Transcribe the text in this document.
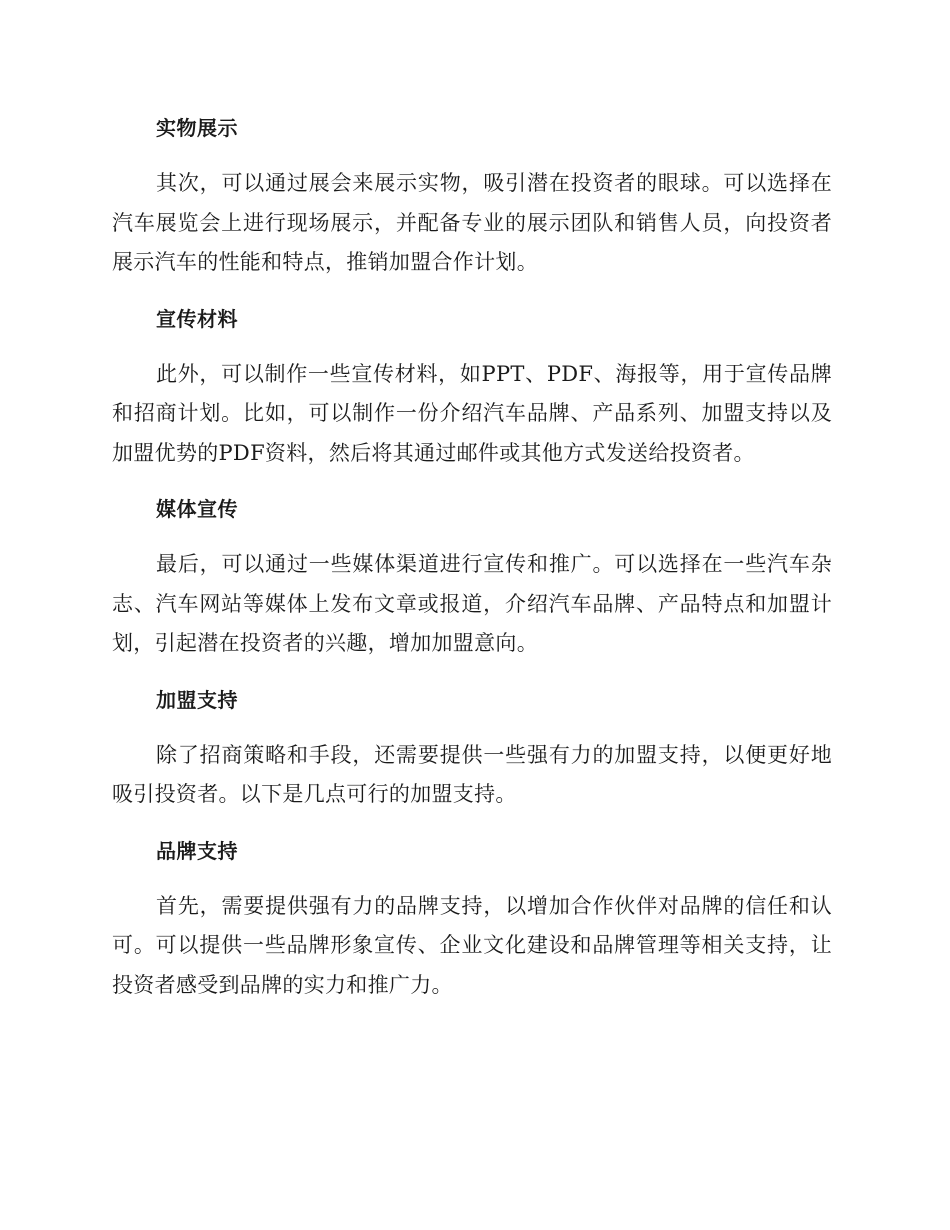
实物展示

其次，可以通过展会来展示实物，吸引潜在投资者的眼球。可以选择在汽车展览会上进行现场展示，并配备专业的展示团队和销售人员，向投资者展示汽车的性能和特点，推销加盟合作计划。

宣传材料

此外，可以制作一些宣传材料，如PPT、PDF、海报等，用于宣传品牌和招商计划。比如，可以制作一份介绍汽车品牌、产品系列、加盟支持以及加盟优势的PDF资料，然后将其通过邮件或其他方式发送给投资者。

媒体宣传

最后，可以通过一些媒体渠道进行宣传和推广。可以选择在一些汽车杂志、汽车网站等媒体上发布文章或报道，介绍汽车品牌、产品特点和加盟计划，引起潜在投资者的兴趣，增加加盟意向。

加盟支持

除了招商策略和手段，还需要提供一些强有力的加盟支持，以便更好地吸引投资者。以下是几点可行的加盟支持。

品牌支持

首先，需要提供强有力的品牌支持，以增加合作伙伴对品牌的信任和认可。可以提供一些品牌形象宣传、企业文化建设和品牌管理等相关支持，让投资者感受到品牌的实力和推广力。
